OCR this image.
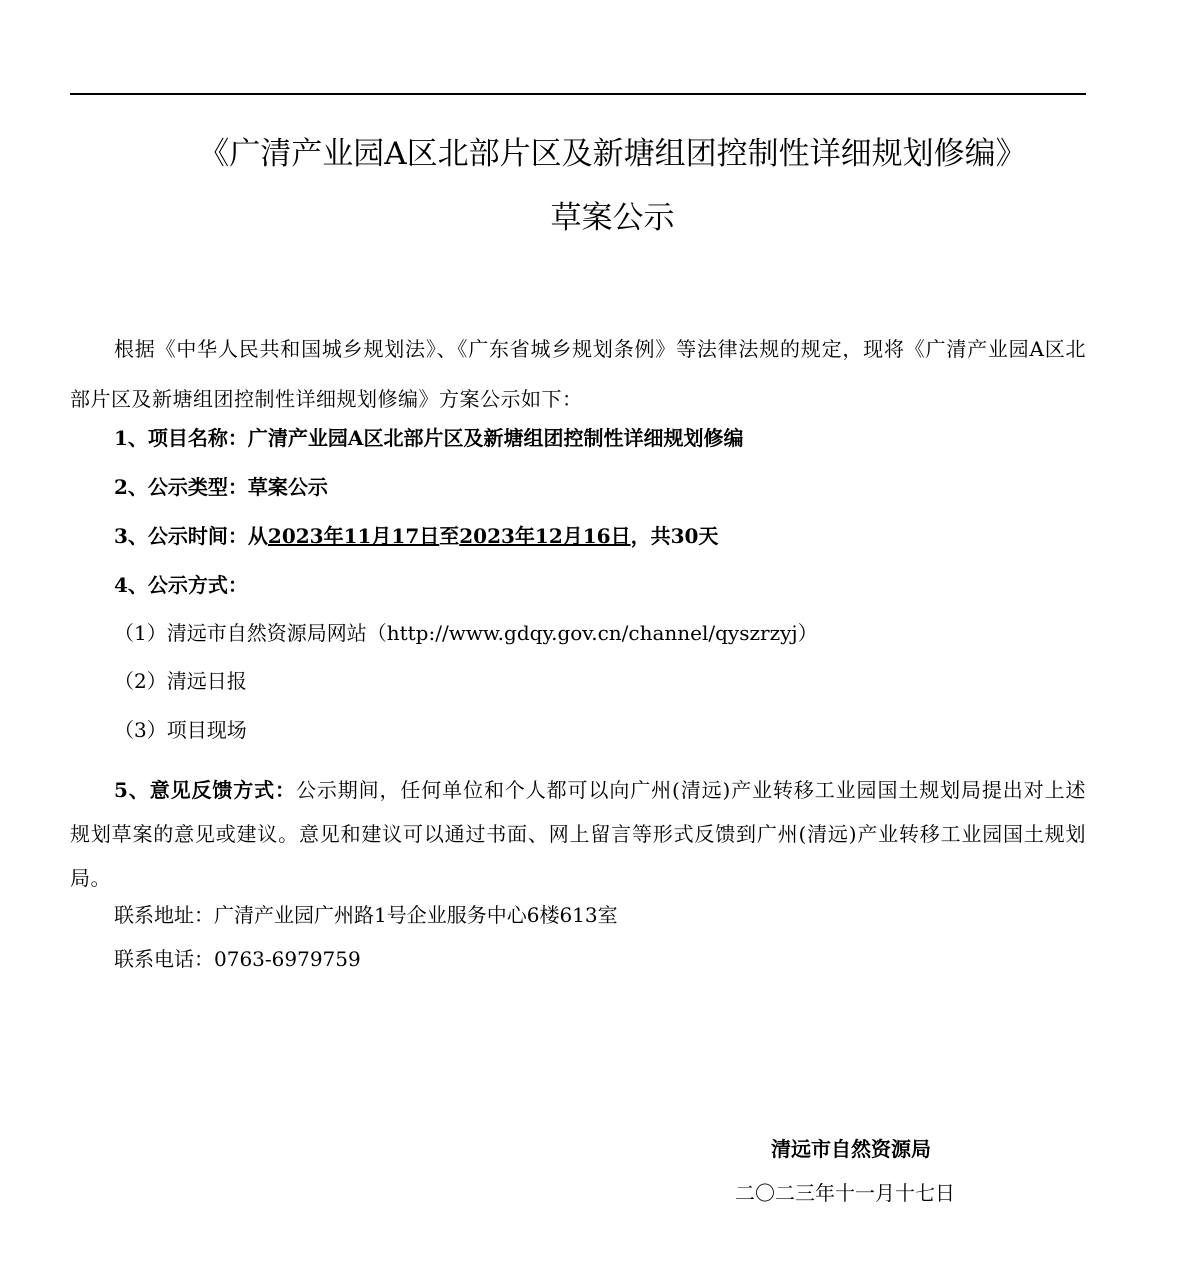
《广清产业园A区北部片区及新塘组团控制性详细规划修编》
草案公示
根据《中华人民共和国城乡规划法》、《广东省城乡规划条例》等法律法规的规定，现将《广清产业园A区北部片区及新塘组团控制性详细规划修编》方案公示如下：
1、项目名称：广清产业园A区北部片区及新塘组团控制性详细规划修编
2、公示类型：草案公示
3、公示时间：从2023年11月17日至2023年12月16日，共30天
4、公示方式：
（1）清远市自然资源局网站（http://www.gdqy.gov.cn/channel/qyszrzyj）
（2）清远日报
（3）项目现场
5、意见反馈方式：公示期间，任何单位和个人都可以向广州(清远)产业转移工业园国土规划局提出对上述规划草案的意见或建议。意见和建议可以通过书面、网上留言等形式反馈到广州(清远)产业转移工业园国土规划局。
联系地址：广清产业园广州路1号企业服务中心6楼613室
联系电话：0763-6979759
清远市自然资源局
二〇二三年十一月十七日
